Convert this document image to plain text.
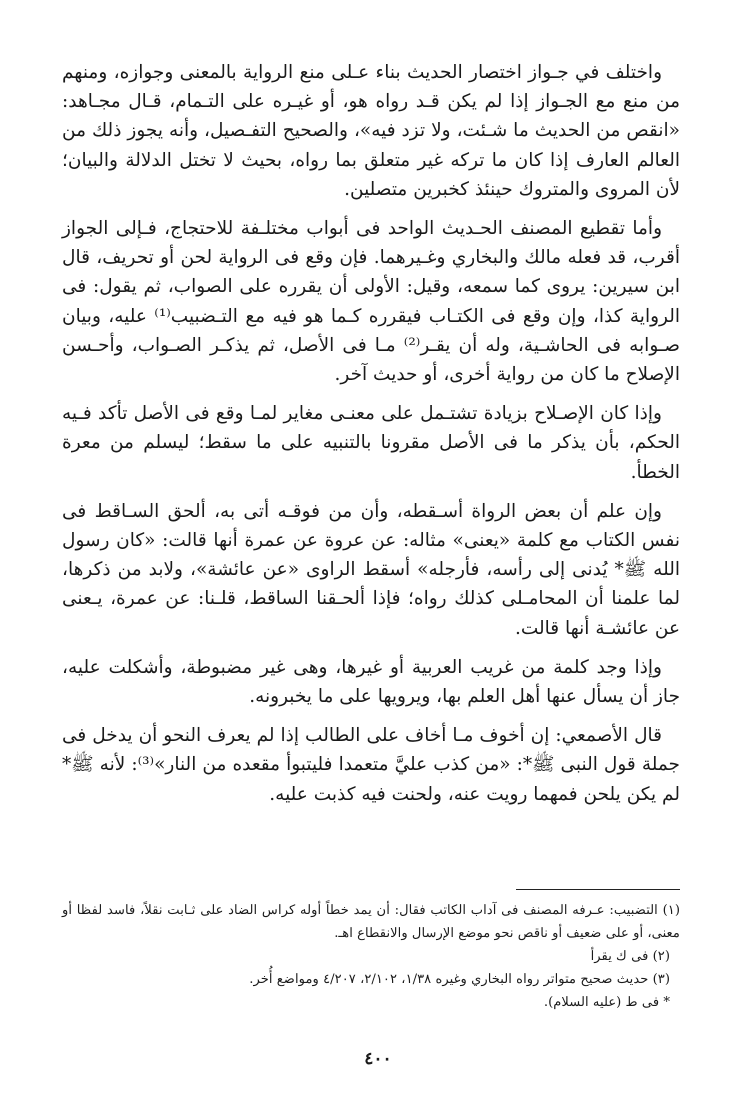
واختلف في جـواز اختصار الحديث بناء عـلى منع الرواية بالمعنى وجوازه، ومنهم من منع مع الجـواز إذا لم يكن قـد رواه هو، أو غيـره على التـمام، قـال مجـاهد: «انقص من الحديث ما شـئت، ولا تزد فيه»، والصحيح التفـصيل، وأنه يجوز ذلك من العالم العارف إذا كان ما تركه غير متعلق بما رواه، بحيث لا تختل الدلالة والبيان؛ لأن المروى والمتروك حينئذ كخبرين متصلين.

وأما تقطيع المصنف الحـديث الواحد فى أبواب مختلـفة للاحتجاج، فـإلى الجواز أقرب، قد فعله مالك والبخاري وغـيرهما. فإن وقع فى الرواية لحن أو تحريف، قال ابن سيرين: يروى كما سمعه، وقيل: الأولى أن يقرره على الصواب، ثم يقول: فى الرواية كذا، وإن وقع فى الكتـاب فيقرره كـما هو فيه مع التـضبيب⁽¹⁾ عليه، وبيان صـوابه فى الحاشـية، وله أن يقـر⁽²⁾ مـا فى الأصل، ثم يذكـر الصـواب، وأحـسن الإصلاح ما كان من رواية أخرى، أو حديث آخر.

وإذا كان الإصـلاح بزيادة تشتـمل على معنـى مغاير لمـا وقع فى الأصل تأكد فـيه الحكم، بأن يذكر ما فى الأصل مقرونا بالتنبيه على ما سقط؛ ليسلم من معرة الخطأ.

وإن علم أن بعض الرواة أسـقطه، وأن من فوقـه أتى به، ألحق السـاقط فى نفس الكتاب مع كلمة «يعنى» مثاله: عن عروة عن عمرة أنها قالت: «كان رسول الله ﷺ* يُدنى إلى رأسه، فأرجله» أسقط الراوى «عن عائشة»، ولابد من ذكرها، لما علمنا أن المحامـلى كذلك رواه؛ فإذا ألحـقنا الساقط، قلـنا: عن عمرة، يـعنى عن عائشـة أنها قالت.

وإذا وجد كلمة من غريب العربية أو غيرها، وهى غير مضبوطة، وأشكلت عليه، جاز أن يسأل عنها أهل العلم بها، ويرويها على ما يخبرونه.

قال الأصمعي: إن أخوف مـا أخاف على الطالب إذا لم يعرف النحو أن يدخل فى جملة قول النبى ﷺ*: «من كذب عليَّ متعمدا فليتبوأ مقعده من النار»⁽³⁾: لأنه ﷺ* لم يكن يلحن فمهما رويت عنه، ولحنت فيه كذبت عليه.

(١) التضبيب: عـرفه المصنف فى آداب الكاتب فقال: أن يمد خطاً أوله كراس الضاد على ثـابت نقلاً، فاسد لفظا أو معنى، أو على ضعيف أو ناقص نحو موضع الإرسال والانقطاع اهـ.

(٢) فى ك يقرأ

(٣) حديث صحيح متواتر رواه البخاري وغيره ١/٣٨، ٢/١٠٢، ٤/٢٠٧ ومواضع أُخر.

* فى ط (عليه السلام).

٤٠٠
